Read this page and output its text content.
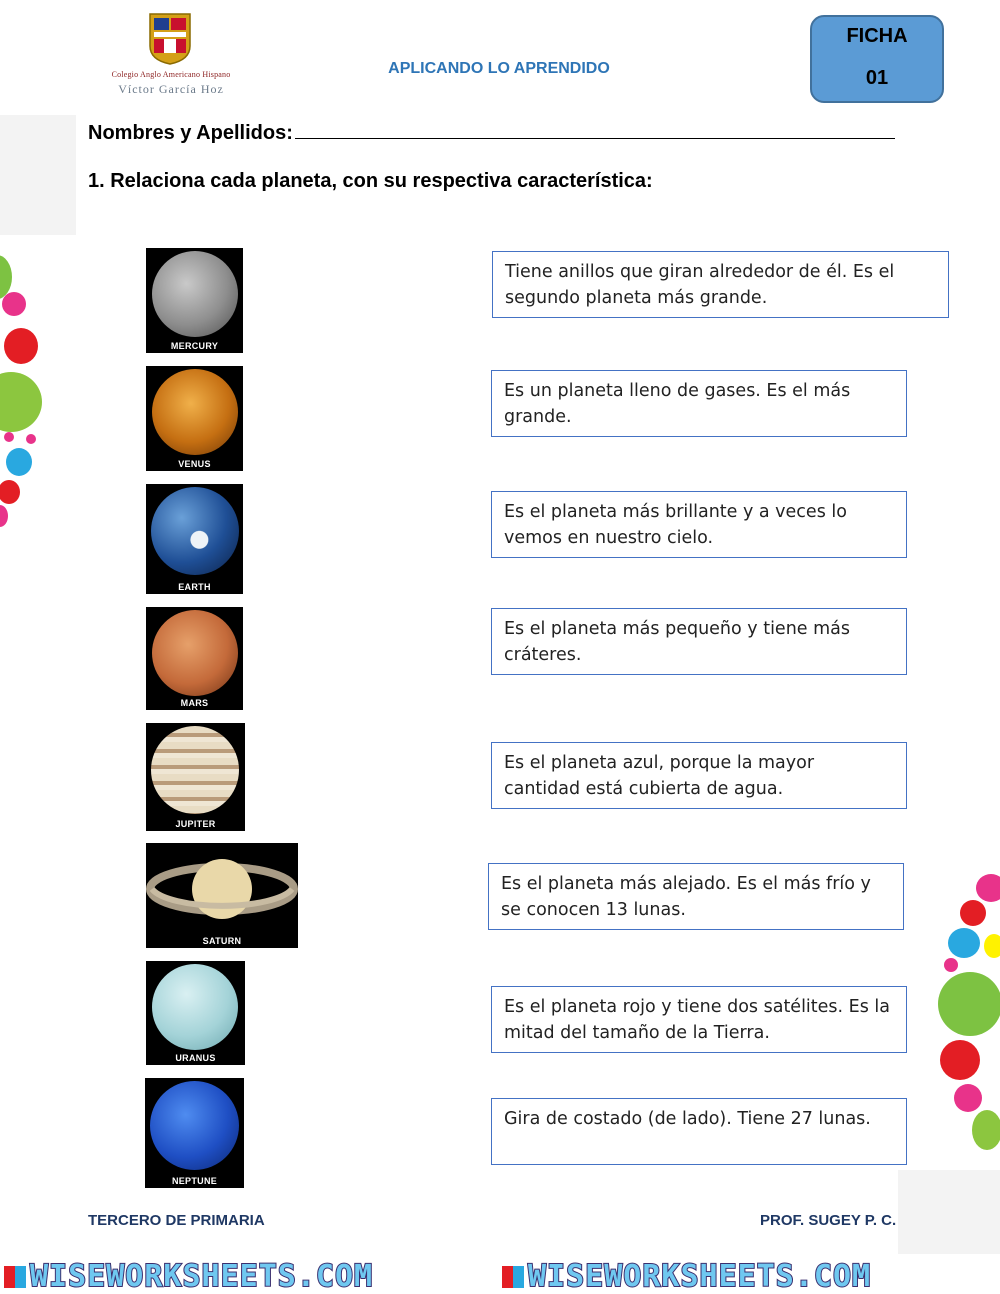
Colegio Anglo Americano Hispano
Víctor García Hoz
APLICANDO LO APRENDIDO
FICHA
01
Nombres y Apellidos:
1. Relaciona cada planeta, con su respectiva característica:
MERCURY
VENUS
EARTH
MARS
JUPITER
SATURN
URANUS
NEPTUNE
Tiene anillos que giran alrededor de él. Es el segundo planeta más grande.
Es un planeta lleno de gases. Es el más grande.
Es el planeta más brillante y a veces lo vemos en nuestro cielo.
Es el planeta más pequeño y tiene más cráteres.
Es el planeta azul, porque la mayor cantidad está cubierta de agua.
Es el planeta más alejado. Es el más frío y se conocen 13 lunas.
Es el planeta rojo y tiene dos satélites. Es la mitad del tamaño de la Tierra.
Gira de costado (de lado). Tiene 27 lunas.
TERCERO DE PRIMARIA	PROF. SUGEY P. C.
WISEWORKSHEETS.COM	WISEWORKSHEETS.COM
